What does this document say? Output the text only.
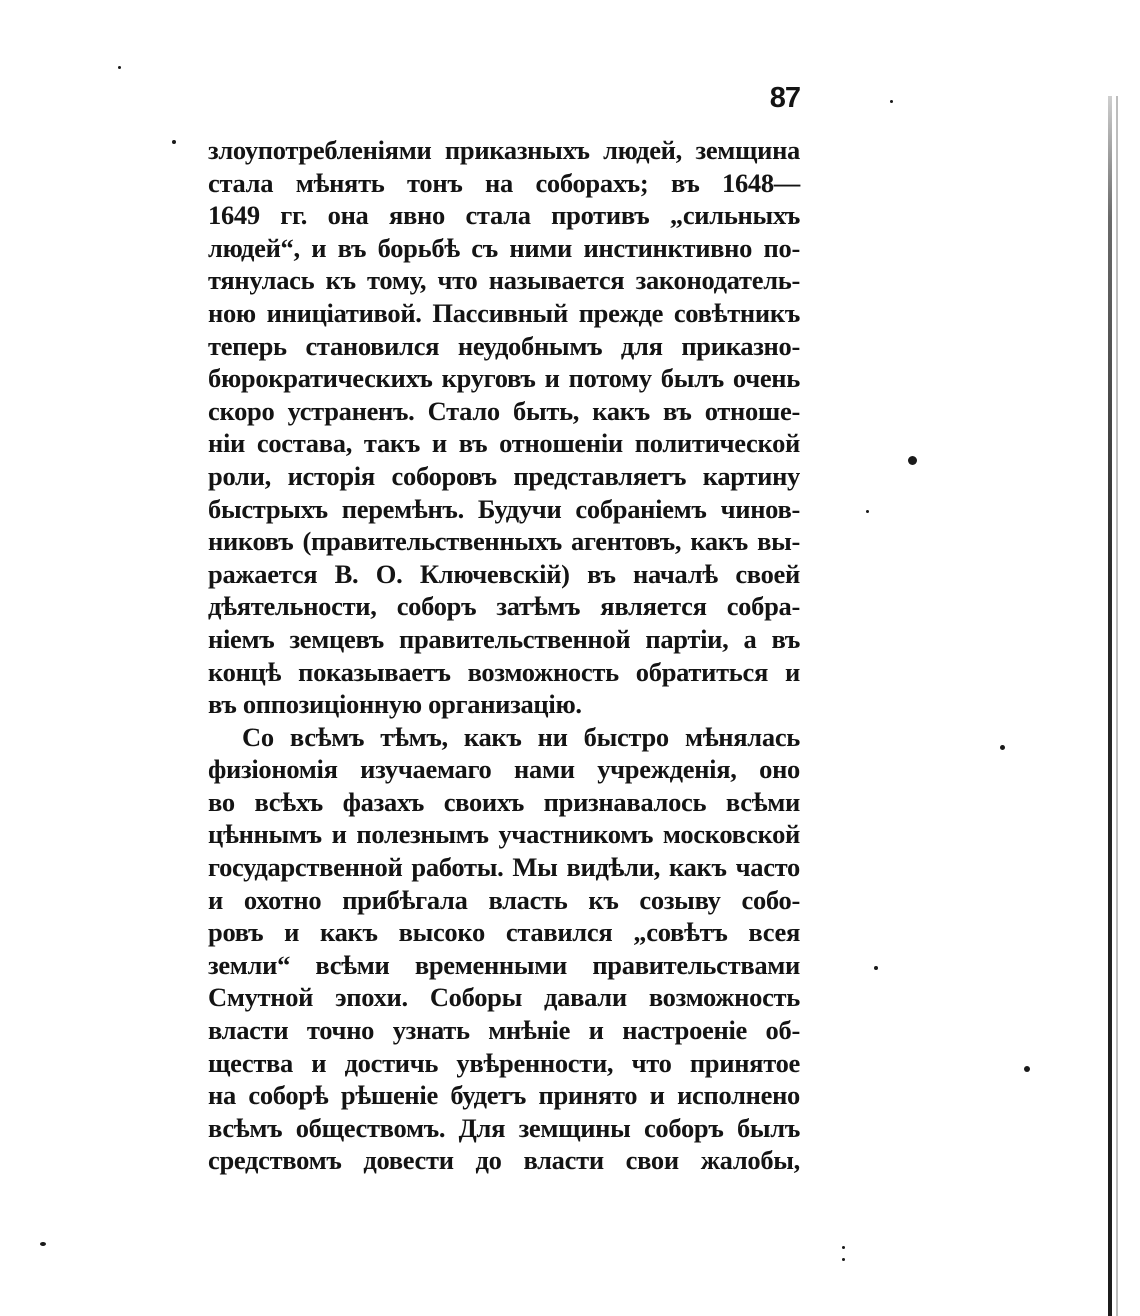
87
злоупотребленіями приказныхъ людей, земщина
стала мѣнять тонъ на соборахъ; въ 1648—
1649 гг. она явно стала противъ „сильныхъ
людей“, и въ борьбѣ съ ними инстинктивно по-
тянулась къ тому, что называется законодатель-
ною иниціативой. Пассивный прежде совѣтникъ
теперь становился неудобнымъ для приказно-
бюрократическихъ круговъ и потому былъ очень
скоро устраненъ. Стало быть, какъ въ отноше-
ніи состава, такъ и въ отношеніи политической
роли, исторія соборовъ представляетъ картину
быстрыхъ перемѣнъ. Будучи собраніемъ чинов-
никовъ (правительственныхъ агентовъ, какъ вы-
ражается В. О. Ключевскій) въ началѣ своей
дѣятельности, соборъ затѣмъ является собра-
ніемъ земцевъ правительственной партіи, а въ
концѣ показываетъ возможность обратиться и
въ оппозиціонную организацію.
Со всѣмъ тѣмъ, какъ ни быстро мѣнялась
физіономія изучаемаго нами учрежденія, оно
во всѣхъ фазахъ своихъ признавалось всѣми
цѣннымъ и полезнымъ участникомъ московской
государственной работы. Мы видѣли, какъ часто
и охотно прибѣгала власть къ созыву собо-
ровъ и какъ высоко ставился „совѣтъ всея
земли“ всѣми временными правительствами
Смутной эпохи. Соборы давали возможность
власти точно узнать мнѣніе и настроеніе об-
щества и достичь увѣренности, что принятое
на соборѣ рѣшеніе будетъ принято и исполнено
всѣмъ обществомъ. Для земщины соборъ былъ
средствомъ довести до власти свои жалобы,
